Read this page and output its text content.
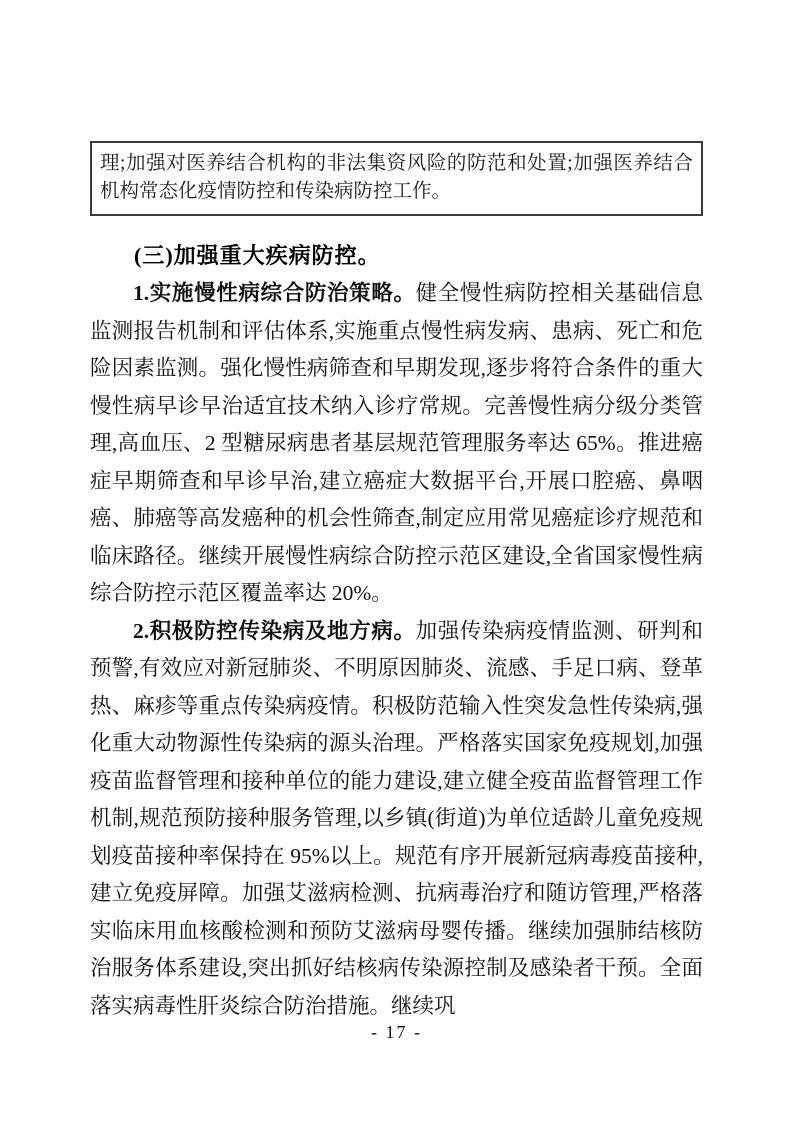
理;加强对医养结合机构的非法集资风险的防范和处置;加强医养结合机构常态化疫情防控和传染病防控工作。
(三)加强重大疾病防控。

1.实施慢性病综合防治策略。健全慢性病防控相关基础信息监测报告机制和评估体系,实施重点慢性病发病、患病、死亡和危险因素监测。强化慢性病筛查和早期发现,逐步将符合条件的重大慢性病早诊早治适宜技术纳入诊疗常规。完善慢性病分级分类管理,高血压、2 型糖尿病患者基层规范管理服务率达 65%。推进癌症早期筛查和早诊早治,建立癌症大数据平台,开展口腔癌、鼻咽癌、肺癌等高发癌种的机会性筛查,制定应用常见癌症诊疗规范和临床路径。继续开展慢性病综合防控示范区建设,全省国家慢性病综合防控示范区覆盖率达 20%。

2.积极防控传染病及地方病。加强传染病疫情监测、研判和预警,有效应对新冠肺炎、不明原因肺炎、流感、手足口病、登革热、麻疹等重点传染病疫情。积极防范输入性突发急性传染病,强化重大动物源性传染病的源头治理。严格落实国家免疫规划,加强疫苗监督管理和接种单位的能力建设,建立健全疫苗监督管理工作机制,规范预防接种服务管理,以乡镇(街道)为单位适龄儿童免疫规划疫苗接种率保持在 95%以上。规范有序开展新冠病毒疫苗接种,建立免疫屏障。加强艾滋病检测、抗病毒治疗和随访管理,严格落实临床用血核酸检测和预防艾滋病母婴传播。继续加强肺结核防治服务体系建设,突出抓好结核病传染源控制及感染者干预。全面落实病毒性肝炎综合防治措施。继续巩

- 17 -
